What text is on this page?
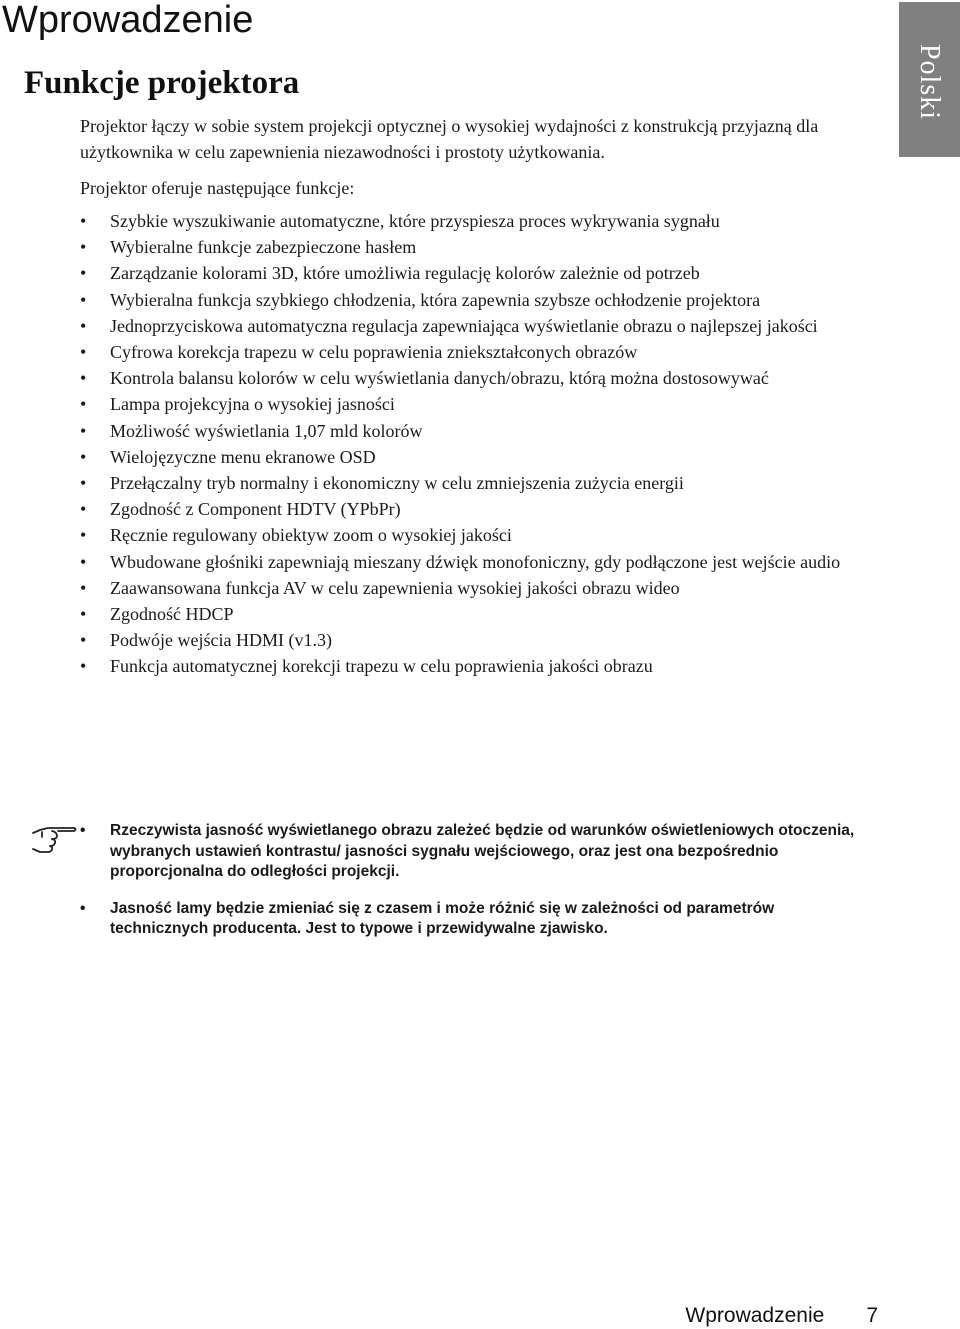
Wprowadzenie
Funkcje projektora	Polski

Projektor łączy w sobie system projekcji optycznej o wysokiej wydajności z konstrukcją przyjazną dla użytkownika w celu zapewnienia niezawodności i prostoty użytkowania.

Projektor oferuje następujące funkcje:

• Szybkie wyszukiwanie automatyczne, które przyspiesza proces wykrywania sygnału
• Wybieralne funkcje zabezpieczone hasłem
• Zarządzanie kolorami 3D, które umożliwia regulację kolorów zależnie od potrzeb
• Wybieralna funkcja szybkiego chłodzenia, która zapewnia szybsze ochłodzenie projektora
• Jednoprzyciskowa automatyczna regulacja zapewniająca wyświetlanie obrazu o najlepszej jakości
• Cyfrowa korekcja trapezu w celu poprawienia zniekształconych obrazów
• Kontrola balansu kolorów w celu wyświetlania danych/obrazu, którą można dostosowywać
• Lampa projekcyjna o wysokiej jasności
• Możliwość wyświetlania 1,07 mld kolorów
• Wielojęzyczne menu ekranowe OSD
• Przełączalny tryb normalny i ekonomiczny w celu zmniejszenia zużycia energii
• Zgodność z Component HDTV (YPbPr)
• Ręcznie regulowany obiektyw zoom o wysokiej jakości
• Wbudowane głośniki zapewniają mieszany dźwięk monofoniczny, gdy podłączone jest wejście audio
• Zaawansowana funkcja AV w celu zapewnienia wysokiej jakości obrazu wideo
• Zgodność HDCP
• Podwóje wejścia HDMI (v1.3)
• Funkcja automatycznej korekcji trapezu w celu poprawienia jakości obrazu
• Rzeczywista jasność wyświetlanego obrazu zależeć będzie od warunków oświetleniowych otoczenia, wybranych ustawień kontrastu/ jasności sygnału wejściowego, oraz jest ona bezpośrednio proporcjonalna do odległości projekcji.
• Jasność lamy będzie zmieniać się z czasem i może różnić się w zależności od parametrów technicznych producenta. Jest to typowe i przewidywalne zjawisko.
Wprowadzenie 7
